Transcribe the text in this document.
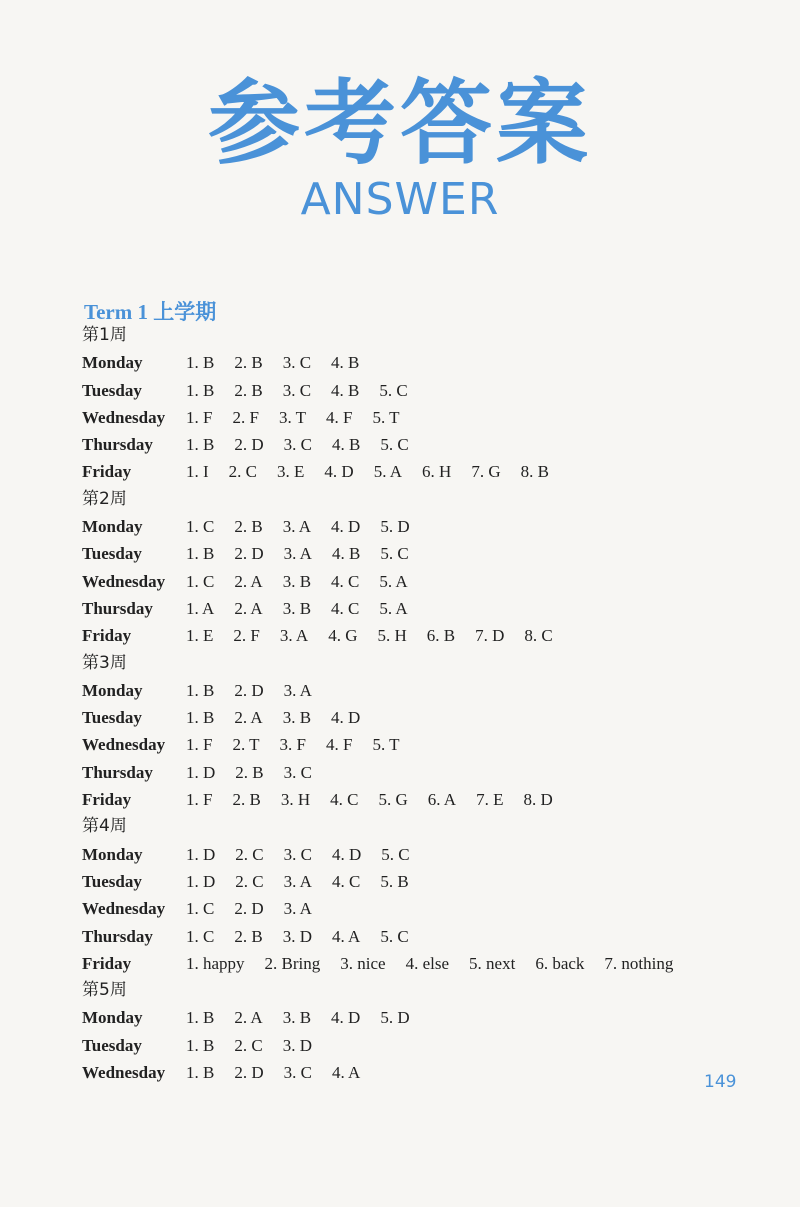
参考答案
ANSWER
Term 1 上学期
第1周
Monday	1. B 2. B 3. C 4. B
Tuesday	1. B 2. B 3. C 4. B 5. C
Wednesday	1. F 2. F 3. T 4. F 5. T
Thursday	1. B 2. D 3. C 4. B 5. C
Friday	1. I 2. C 3. E 4. D 5. A 6. H 7. G 8. B
第2周
Monday	1. C 2. B 3. A 4. D 5. D
Tuesday	1. B 2. D 3. A 4. B 5. C
Wednesday	1. C 2. A 3. B 4. C 5. A
Thursday	1. A 2. A 3. B 4. C 5. A
Friday	1. E 2. F 3. A 4. G 5. H 6. B 7. D 8. C
第3周
Monday	1. B 2. D 3. A
Tuesday	1. B 2. A 3. B 4. D
Wednesday	1. F 2. T 3. F 4. F 5. T
Thursday	1. D 2. B 3. C
Friday	1. F 2. B 3. H 4. C 5. G 6. A 7. E 8. D
第4周
Monday	1. D 2. C 3. C 4. D 5. C
Tuesday	1. D 2. C 3. A 4. C 5. B
Wednesday	1. C 2. D 3. A
Thursday	1. C 2. B 3. D 4. A 5. C
Friday	1. happy 2. Bring 3. nice 4. else 5. next 6. back 7. nothing
第5周
Monday	1. B 2. A 3. B 4. D 5. D
Tuesday	1. B 2. C 3. D
Wednesday	1. B 2. D 3. C 4. A	149
